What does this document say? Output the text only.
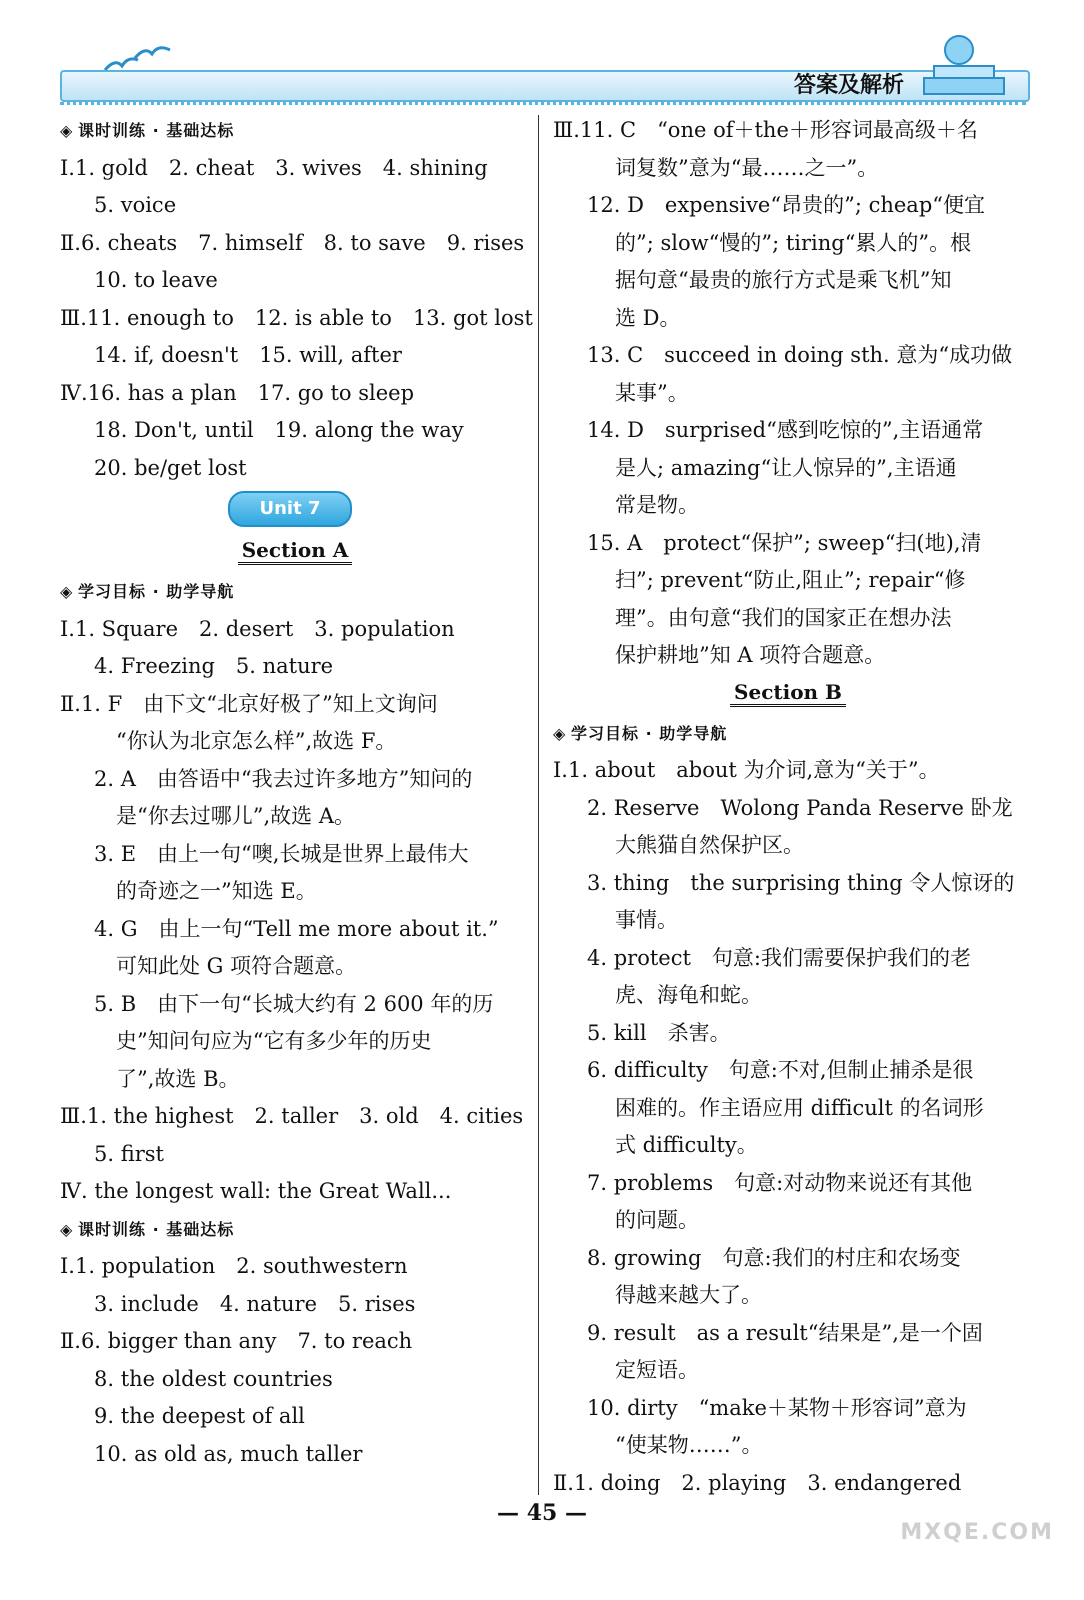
答案及解析
◈ 课时训练 · 基础达标
Ⅰ.1. gold　2. cheat　3. wives　4. shining
5. voice
Ⅱ.6. cheats　7. himself　8. to save　9. rises
10. to leave
Ⅲ.11. enough to　12. is able to　13. got lost
14. if, doesn't　15. will, after
Ⅳ.16. has a plan　17. go to sleep
18. Don't, until　19. along the way
20. be/get lost
Unit 7
Section A
◈ 学习目标 · 助学导航
Ⅰ.1. Square　2. desert　3. population
4. Freezing　5. nature
Ⅱ.1. F　由下文“北京好极了”知上文询问
“你认为北京怎么样”,故选 F。
2. A　由答语中“我去过许多地方”知问的
是“你去过哪儿”,故选 A。
3. E　由上一句“噢,长城是世界上最伟大
的奇迹之一”知选 E。
4. G　由上一句“Tell me more about it.”
可知此处 G 项符合题意。
5. B　由下一句“长城大约有 2 600 年的历
史”知问句应为“它有多少年的历史
了”,故选 B。
Ⅲ.1. the highest　2. taller　3. old　4. cities
5. first
Ⅳ. the longest wall: the Great Wall...
◈ 课时训练 · 基础达标
Ⅰ.1. population　2. southwestern
3. include　4. nature　5. rises
Ⅱ.6. bigger than any　7. to reach
8. the oldest countries
9. the deepest of all
10. as old as, much taller
Ⅲ.11. C　“one of＋the＋形容词最高级＋名
词复数”意为“最……之一”。
12. D　expensive“昂贵的”; cheap“便宜
的”; slow“慢的”; tiring“累人的”。根
据句意“最贵的旅行方式是乘飞机”知
选 D。
13. C　succeed in doing sth. 意为“成功做
某事”。
14. D　surprised“感到吃惊的”,主语通常
是人; amazing“让人惊异的”,主语通
常是物。
15. A　protect“保护”; sweep“扫(地),清
扫”; prevent“防止,阻止”; repair“修
理”。由句意“我们的国家正在想办法
保护耕地”知 A 项符合题意。
Section B
◈ 学习目标 · 助学导航
Ⅰ.1. about　about 为介词,意为“关于”。
2. Reserve　Wolong Panda Reserve 卧龙
大熊猫自然保护区。
3. thing　the surprising thing 令人惊讶的
事情。
4. protect　句意:我们需要保护我们的老
虎、海龟和蛇。
5. kill　杀害。
6. difficulty　句意:不对,但制止捕杀是很
困难的。作主语应用 difficult 的名词形
式 difficulty。
7. problems　句意:对动物来说还有其他
的问题。
8. growing　句意:我们的村庄和农场变
得越来越大了。
9. result　as a result“结果是”,是一个固
定短语。
10. dirty　“make＋某物＋形容词”意为
“使某物……”。
Ⅱ.1. doing　2. playing　3. endangered
— 45 —
MXQE.COM
